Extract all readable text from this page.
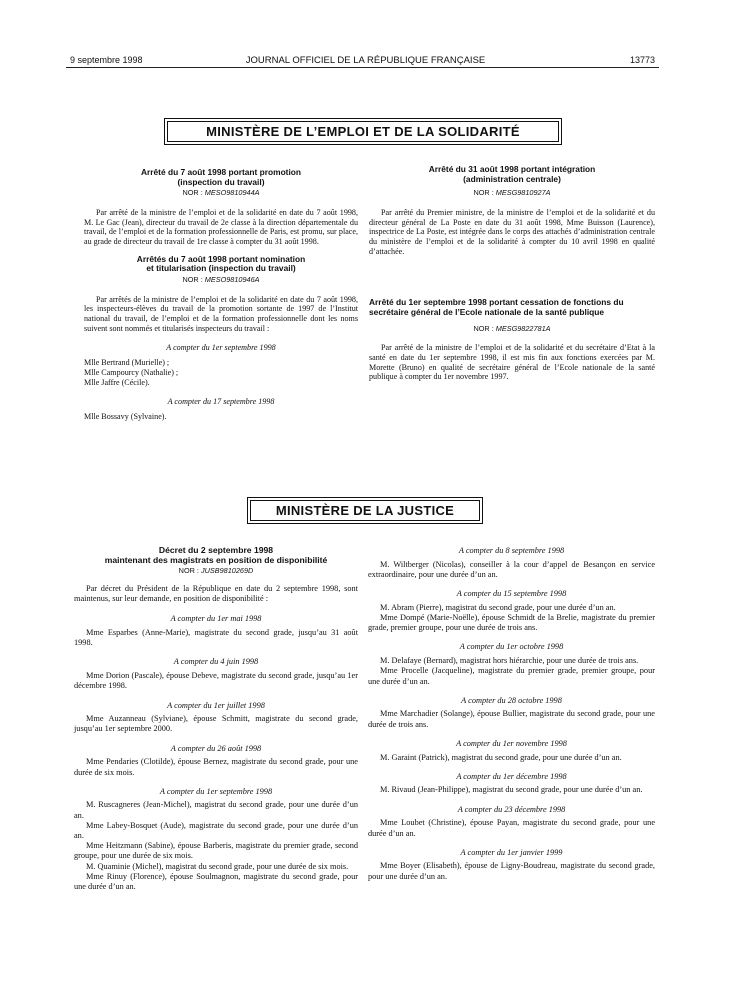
9 septembre 1998	JOURNAL OFFICIEL DE LA RÉPUBLIQUE FRANÇAISE	13773
MINISTÈRE DE L’EMPLOI ET DE LA SOLIDARITÉ
Arrêté du 7 août 1998 portant promotion
(inspection du travail)
NOR : MESO9810944A

Par arrêté de la ministre de l’emploi et de la solidarité en date du 7 août 1998, M. Le Gac (Jean), directeur du travail de 2e classe à la direction départementale du travail, de l’emploi et de la formation professionnelle de Paris, est promu, sur place, au grade de directeur du travail de 1re classe à compter du 31 août 1998.

Arrêtés du 7 août 1998 portant nomination
et titularisation (inspection du travail)
NOR : MESO9810946A

Par arrêtés de la ministre de l’emploi et de la solidarité en date du 7 août 1998, les inspecteurs-élèves du travail de la promotion sortante de 1997 de l’Institut national du travail, de l’emploi et de la formation professionnelle dont les noms suivent sont nommés et titularisés inspecteurs du travail :

A compter du 1er septembre 1998
Mlle Bertrand (Murielle) ;
Mlle Campourcy (Nathalie) ;
Mlle Jaffre (Cécile).
A compter du 17 septembre 1998
Mlle Bossavy (Sylvaine).
Arrêté du 31 août 1998 portant intégration
(administration centrale)
NOR : MESG9810927A

Par arrêté du Premier ministre, de la ministre de l’emploi et de la solidarité et du directeur général de La Poste en date du 31 août 1998, Mme Buisson (Laurence), inspectrice de La Poste, est intégrée dans le corps des attachés d’administration centrale du ministère de l’emploi et de la solidarité à compter du 10 avril 1998 en qualité d’attachée.

Arrêté du 1er septembre 1998 portant cessation de fonctions du secrétaire général de l’Ecole nationale de la santé publique
NOR : MESG9822781A

Par arrêté de la ministre de l’emploi et de la solidarité et du secrétaire d’Etat à la santé en date du 1er septembre 1998, il est mis fin aux fonctions exercées par M. Morette (Bruno) en qualité de secrétaire général de l’Ecole nationale de la santé publique à compter du 1er novembre 1997.

MINISTÈRE DE LA JUSTICE
Décret du 2 septembre 1998
maintenant des magistrats en position de disponibilité
NOR : JUSB9810269D

Par décret du Président de la République en date du 2 septembre 1998, sont maintenus, sur leur demande, en position de disponibilité :

A compter du 1er mai 1998

Mme Esparbes (Anne-Marie), magistrate du second grade, jusqu’au 31 août 1998.

A compter du 4 juin 1998

Mme Dorion (Pascale), épouse Debeve, magistrate du second grade, jusqu’au 1er décembre 1998.

A compter du 1er juillet 1998

Mme Auzanneau (Sylviane), épouse Schmitt, magistrate du second grade, jusqu’au 1er septembre 2000.

A compter du 26 août 1998

Mme Pendaries (Clotilde), épouse Bernez, magistrate du second grade, pour une durée de six mois.

A compter du 1er septembre 1998

M. Ruscagneres (Jean-Michel), magistrat du second grade, pour une durée d’un an.

Mme Labey-Bosquet (Aude), magistrate du second grade, pour une durée d’un an.

Mme Heitzmann (Sabine), épouse Barberis, magistrate du premier grade, second groupe, pour une durée de six mois.

M. Quaminie (Michel), magistrat du second grade, pour une durée de six mois.

Mme Rinuy (Florence), épouse Soulmagnon, magistrate du second grade, pour une durée d’un an.

A compter du 8 septembre 1998

M. Wiltberger (Nicolas), conseiller à la cour d’appel de Besançon en service extraordinaire, pour une durée d’un an.

A compter du 15 septembre 1998

M. Abram (Pierre), magistrat du second grade, pour une durée d’un an.

Mme Dompé (Marie-Noëlle), épouse Schmidt de la Brelie, magistrate du premier grade, premier groupe, pour une durée de trois ans.

A compter du 1er octobre 1998

M. Delafaye (Bernard), magistrat hors hiérarchie, pour une durée de trois ans.

Mme Procelle (Jacqueline), magistrate du premier grade, premier groupe, pour une durée d’un an.

A compter du 28 octobre 1998

Mme Marchadier (Solange), épouse Bullier, magistrate du second grade, pour une durée de trois ans.

A compter du 1er novembre 1998

M. Garaint (Patrick), magistrat du second grade, pour une durée d’un an.

A compter du 1er décembre 1998

M. Rivaud (Jean-Philippe), magistrat du second grade, pour une durée d’un an.

A compter du 23 décembre 1998

Mme Loubet (Christine), épouse Payan, magistrate du second grade, pour une durée d’un an.

A compter du 1er janvier 1999

Mme Boyer (Elisabeth), épouse de Ligny-Boudreau, magistrate du second grade, pour une durée d’un an.
